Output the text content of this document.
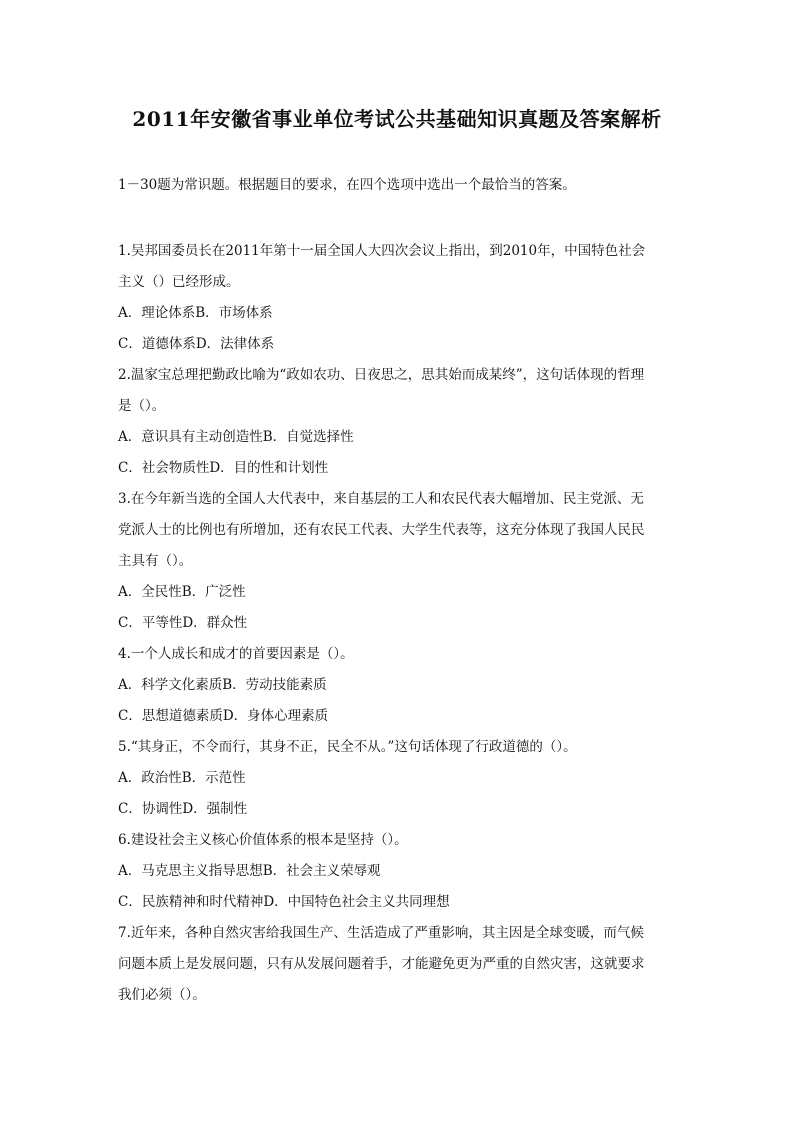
2011年安徽省事业单位考试公共基础知识真题及答案解析
1－30题为常识题。根据题目的要求，在四个选项中选出一个最恰当的答案。

1.吴邦国委员长在2011年第十一届全国人大四次会议上指出，到2010年，中国特色社会

主义（）已经形成。

A．理论体系B．市场体系

C．道德体系D．法律体系

2.温家宝总理把勤政比喻为“政如农功、日夜思之，思其始而成某终”，这句话体现的哲理

是（）。

A．意识具有主动创造性B．自觉选择性

C．社会物质性D．目的性和计划性

3.在今年新当选的全国人大代表中，来自基层的工人和农民代表大幅增加、民主党派、无

党派人士的比例也有所增加，还有农民工代表、大学生代表等，这充分体现了我国人民民

主具有（）。

A．全民性B．广泛性

C．平等性D．群众性

4.一个人成长和成才的首要因素是（）。

A．科学文化素质B．劳动技能素质

C．思想道德素质D．身体心理素质

5.“其身正，不令而行，其身不正，民全不从。”这句话体现了行政道德的（）。

A．政治性B．示范性

C．协调性D．强制性

6.建设社会主义核心价值体系的根本是坚持（）。

A．马克思主义指导思想B．社会主义荣辱观

C．民族精神和时代精神D．中国特色社会主义共同理想

7.近年来，各种自然灾害给我国生产、生活造成了严重影响，其主因是全球变暖，而气候

问题本质上是发展问题，只有从发展问题着手，才能避免更为严重的自然灾害，这就要求

我们必须（）。
